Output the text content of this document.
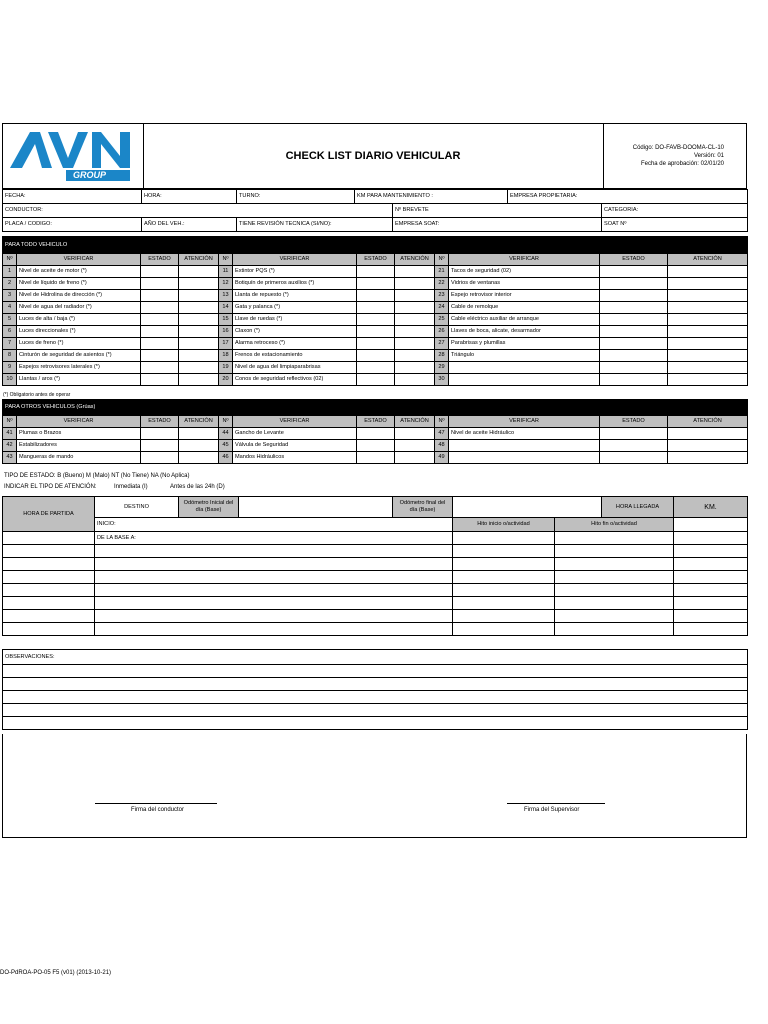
GROUP
CHECK LIST DIARIO VEHICULAR
Código: DO-FAVB-DOOMA-CL-10
Versión: 01
Fecha de aprobación: 02/01/20
FECHA:	HORA:	TURNO:	KM PARA MANTENIMIENTO :		EMPRESA PROPIETARIA:	
CONDUCTOR:				Nº BREVETE		CATEGORIA:
PLACA / CODIGO:	AÑO DEL VEH.:	TIENE REVISIÓN TECNICA (SI/NO):		EMPRESA SOAT:		SOAT Nº
PARA TODO VEHICULO											
Nº	VERIFICAR	ESTADO	ATENCIÓN	Nº	VERIFICAR	ESTADO	ATENCIÓN	Nº	VERIFICAR	ESTADO	ATENCIÓN
1	Nivel de aceite de motor (*)			11	Extintor PQS (*)			21	Tacos de seguridad (02)		
2	Nivel de líquido de freno (*)			12	Botiquín de primeros auxilios (*)			22	Vidrios de ventanas		
3	Nivel de Hidrolina de dirección (*)			13	Llanta de repuesto (*)			23	Espejo retrovisor interior		
4	Nivel de agua del radiador (*)			14	Gata y palanca (*)			24	Cable de remolque		
5	Luces de alta / baja (*)			15	Llave de ruedas (*)			25	Cable eléctrico auxiliar de arranque		
6	Luces direccionales (*)			16	Claxon (*)			26	Llaves de boca, alicate, desarmador		
7	Luces de freno (*)			17	Alarma retroceso (*)			27	Parabrisas y plumillas		
8	Cinturón de seguridad de asientos (*)			18	Frenos de estacionamiento			28	Triángulo		
9	Espejos retrovisores laterales (*)			19	Nivel de agua del limpiaparabrisas			29			
10	Llantas / aros (*)			20	Conos de seguridad reflectivos (02)			30			
(*) Obligatorio antes de operar
PARA OTROS VEHICULOS (Grúas)											
Nº	VERIFICAR	ESTADO	ATENCIÓN	Nº	VERIFICAR	ESTADO	ATENCIÓN	Nº	VERIFICAR	ESTADO	ATENCIÓN
41	Plumas o Brazos			44	Gancho de Levante			47	Nivel de aceite Hidráulico		
42	Estabilizadores			45	Válvula de Seguridad			48			
43	Mangueras de mando			46	Mandos Hidráulicos			49			
TIPO DE ESTADO: B (Bueno) M (Malo) NT (No Tiene) NA (No Aplica)
INDICAR EL TIPO DE ATENCIÓN:	Inmediata (I)	Antes de las 24h (D)
HORA DE PARTIDA	DESTINO	Odómetro Inicial del día (Base)		Odómetro final del día (Base)			HORA LLEGADA	KM.
	INICIO:				Hito inicio o/actividad	Hito fin o/actividad		
	DE LA BASE A:							

OBSERVACIONES:

Firma del conductor	Firma del Supervisor
DO-PdROA-PO-05 F5 (v01) (2013-10-21)
